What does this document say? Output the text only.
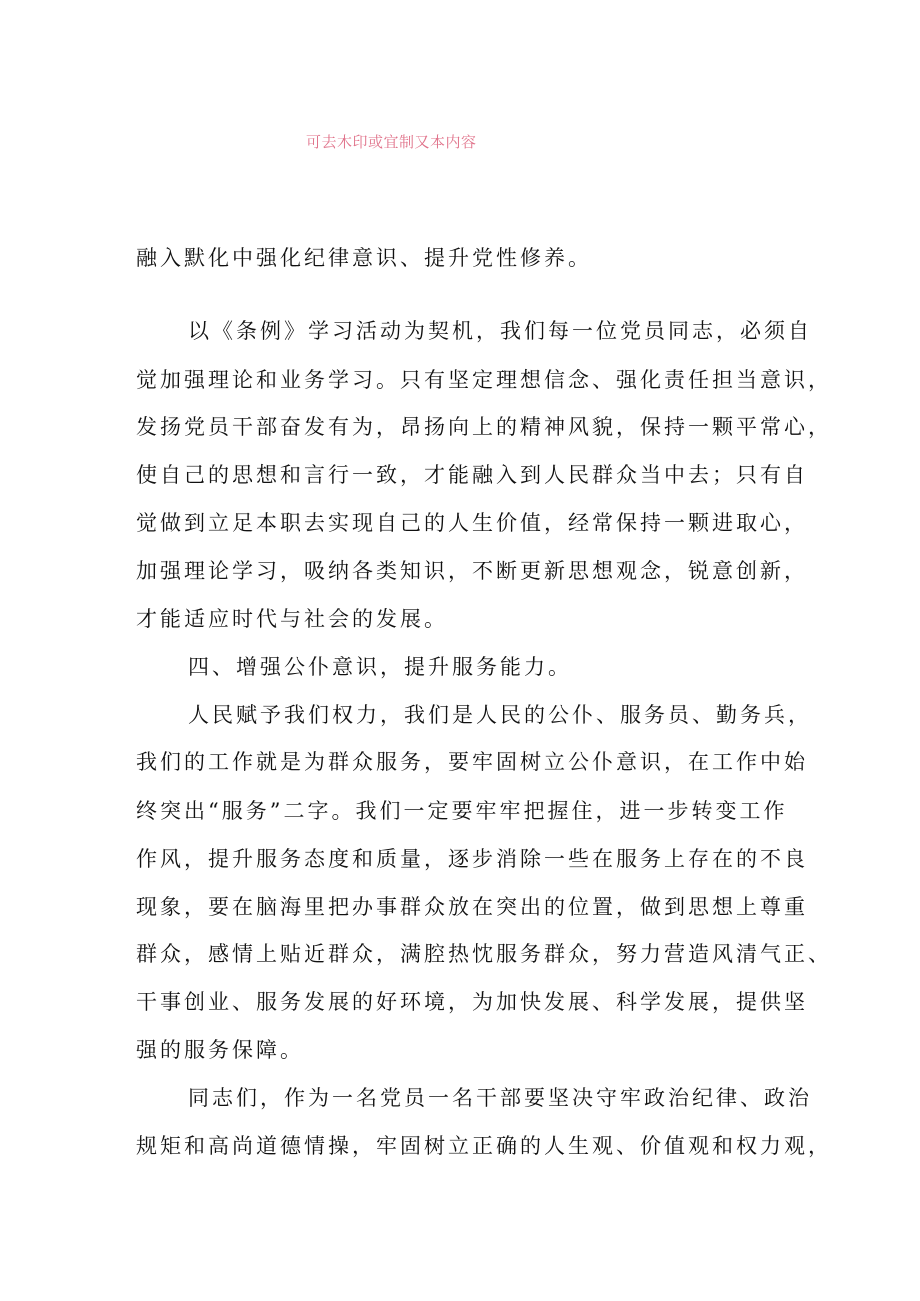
可去木印或宜制又本内容
融入默化中强化纪律意识、提升党性修养。
以《条例》学习活动为契机，我们每一位党员同志，必须自
觉加强理论和业务学习。只有坚定理想信念、强化责任担当意识，
发扬党员干部奋发有为，昂扬向上的精神风貌，保持一颗平常心，
使自己的思想和言行一致，才能融入到人民群众当中去；只有自
觉做到立足本职去实现自己的人生价值，经常保持一颗进取心，
加强理论学习，吸纳各类知识，不断更新思想观念，锐意创新，
才能适应时代与社会的发展。
四、增强公仆意识，提升服务能力。
人民赋予我们权力，我们是人民的公仆、服务员、勤务兵，
我们的工作就是为群众服务，要牢固树立公仆意识，在工作中始
终突出“服务”二字。我们一定要牢牢把握住，进一步转变工作
作风，提升服务态度和质量，逐步消除一些在服务上存在的不良
现象，要在脑海里把办事群众放在突出的位置，做到思想上尊重
群众，感情上贴近群众，满腔热忱服务群众，努力营造风清气正、
干事创业、服务发展的好环境，为加快发展、科学发展，提供坚
强的服务保障。
同志们，作为一名党员一名干部要坚决守牢政治纪律、政治
规矩和高尚道德情操，牢固树立正确的人生观、价值观和权力观，
